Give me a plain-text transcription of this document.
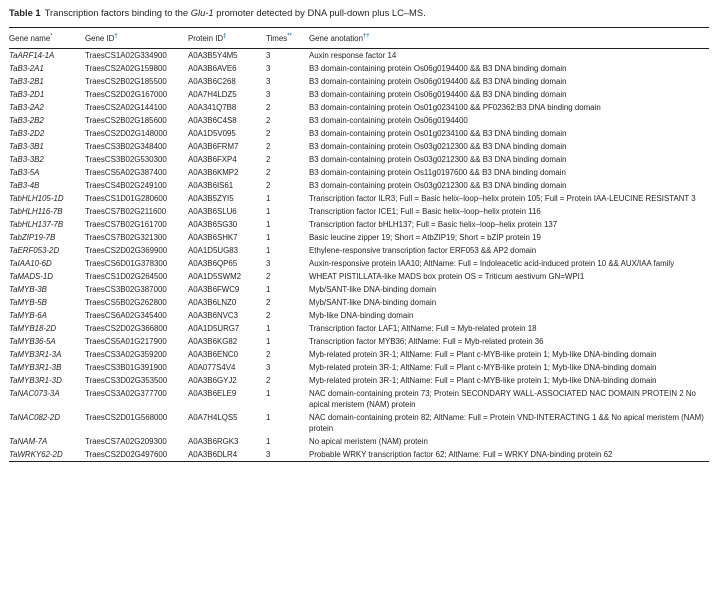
Table 1 Transcription factors binding to the Glu-1 promoter detected by DNA pull-down plus LC–MS.
Gene name*	Gene ID†	Protein ID‡	Times**	Gene anotation††
TaARF14-1A	TraesCS1A02G334900	A0A3B5Y4M5	3	Auxin response factor 14
TaB3-2A1	TraesCS2A02G159800	A0A3B6AVE6	3	B3 domain-containing protein Os06g0194400 && B3 DNA binding domain
TaB3-2B1	TraesCS2B02G185500	A0A3B6C268	3	B3 domain-containing protein Os06g0194400 && B3 DNA binding domain
TaB3-2D1	TraesCS2D02G167000	A0A7H4LDZ5	3	B3 domain-containing protein Os06g0194400 && B3 DNA binding domain
TaB3-2A2	TraesCS2A02G144100	A0A341Q7B8	2	B3 domain-containing protein Os01g0234100 && PF02362:B3 DNA binding domain
TaB3-2B2	TraesCS2B02G185600	A0A3B6C4S8	2	B3 domain-containing protein Os06g0194400
TaB3-2D2	TraesCS2D02G148000	A0A1D5V095	2	B3 domain-containing protein Os01g0234100 && B3 DNA binding domain
TaB3-3B1	TraesCS3B02G348400	A0A3B6FRM7	2	B3 domain-containing protein Os03g0212300 && B3 DNA binding domain
TaB3-3B2	TraesCS3B02G530300	A0A3B6FXP4	2	B3 domain-containing protein Os03g0212300 && B3 DNA binding domain
TaB3-5A	TraesCS5A02G387400	A0A3B6KMP2	2	B3 domain-containing protein Os11g0197600 && B3 DNA binding domain
TaB3-4B	TraesCS4B02G249100	A0A3B6IS61	2	B3 domain-containing protein Os03g0212300 && B3 DNA binding domain
TabHLH105-1D	TraesCS1D01G280600	A0A3B5ZYI5	1	Transcription factor ILR3; Full = Basic helix–loop–helix protein 105; Full = Protein IAA-LEUCINE RESISTANT 3
TabHLH116-7B	TraesCS7B02G211600	A0A3B6SLU6	1	Transcription factor ICE1; Full = Basic helix–loop–helix protein 116
TabHLH137-7B	TraesCS7B02G161700	A0A3B6SG30	1	Transcription factor bHLH137; Full = Basic helix–loop–helix protein 137
TabZIP19-7B	TraesCS7B02G321300	A0A3B6SHK7	1	Basic leucine zipper 19; Short = AtbZIP19; Short = bZIP protein 19
TaERF053-2D	TraesCS2D02G369900	A0A1D5UG83	1	Ethylene-responsive transcription factor ERF053 && AP2 domain
TaIAA10-6D	TraesCS6D01G378300	A0A3B6QP65	3	Auxin-responsive protein IAA10; AltName: Full = Indoleacetic acid-induced protein 10 && AUX/IAA family
TaMADS-1D	TraesCS1D02G264500	A0A1D5SWM2	2	WHEAT PISTILLATA-like MADS box protein OS = Triticum aestivum GN=WPI1
TaMYB-3B	TraesCS3B02G387000	A0A3B6FWC9	1	Myb/SANT-like DNA-binding domain
TaMYB-5B	TraesCS5B02G262800	A0A3B6LNZ0	2	Myb/SANT-like DNA-binding domain
TaMYB-6A	TraesCS6A02G345400	A0A3B6NVC3	2	Myb-like DNA-binding domain
TaMYB18-2D	TraesCS2D02G366800	A0A1D5URG7	1	Transcription factor LAF1; AltName: Full = Myb-related protein 18
TaMYB36-5A	TraesCS5A01G217900	A0A3B6KG82	1	Transcription factor MYB36; AltName: Full = Myb-related protein 36
TaMYB3R1-3A	TraesCS3A02G359200	A0A3B6ENC0	2	Myb-related protein 3R-1; AltName: Full = Plant c-MYB-like protein 1; Myb-like DNA-binding domain
TaMYB3R1-3B	TraesCS3B01G391900	A0A077S4V4	3	Myb-related protein 3R-1; AltName: Full = Plant c-MYB-like protein 1; Myb-like DNA-binding domain
TaMYB3R1-3D	TraesCS3D02G353500	A0A3B6GYJ2	2	Myb-related protein 3R-1; AltName: Full = Plant c-MYB-like protein 1; Myb-like DNA-binding domain
TaNAC073-3A	TraesCS3A02G377700	A0A3B6ELE9	1	NAC domain-containing protein 73; Protein SECONDARY WALL-ASSOCIATED NAC DOMAIN PROTEIN 2 No apical meristem (NAM) protein
TaNAC082-2D	TraesCS2D01G568000	A0A7H4LQS5	1	NAC domain-containing protein 82; AltName: Full = Protein VND-INTERACTING 1 && No apical meristem (NAM) protein
TaNAM-7A	TraesCS7A02G209300	A0A3B6RGK3	1	No apical meristem (NAM) protein
TaWRKY62-2D	TraesCS2D02G497600	A0A3B6DLR4	3	Probable WRKY transcription factor 62; AltName: Full = WRKY DNA-binding protein 62
